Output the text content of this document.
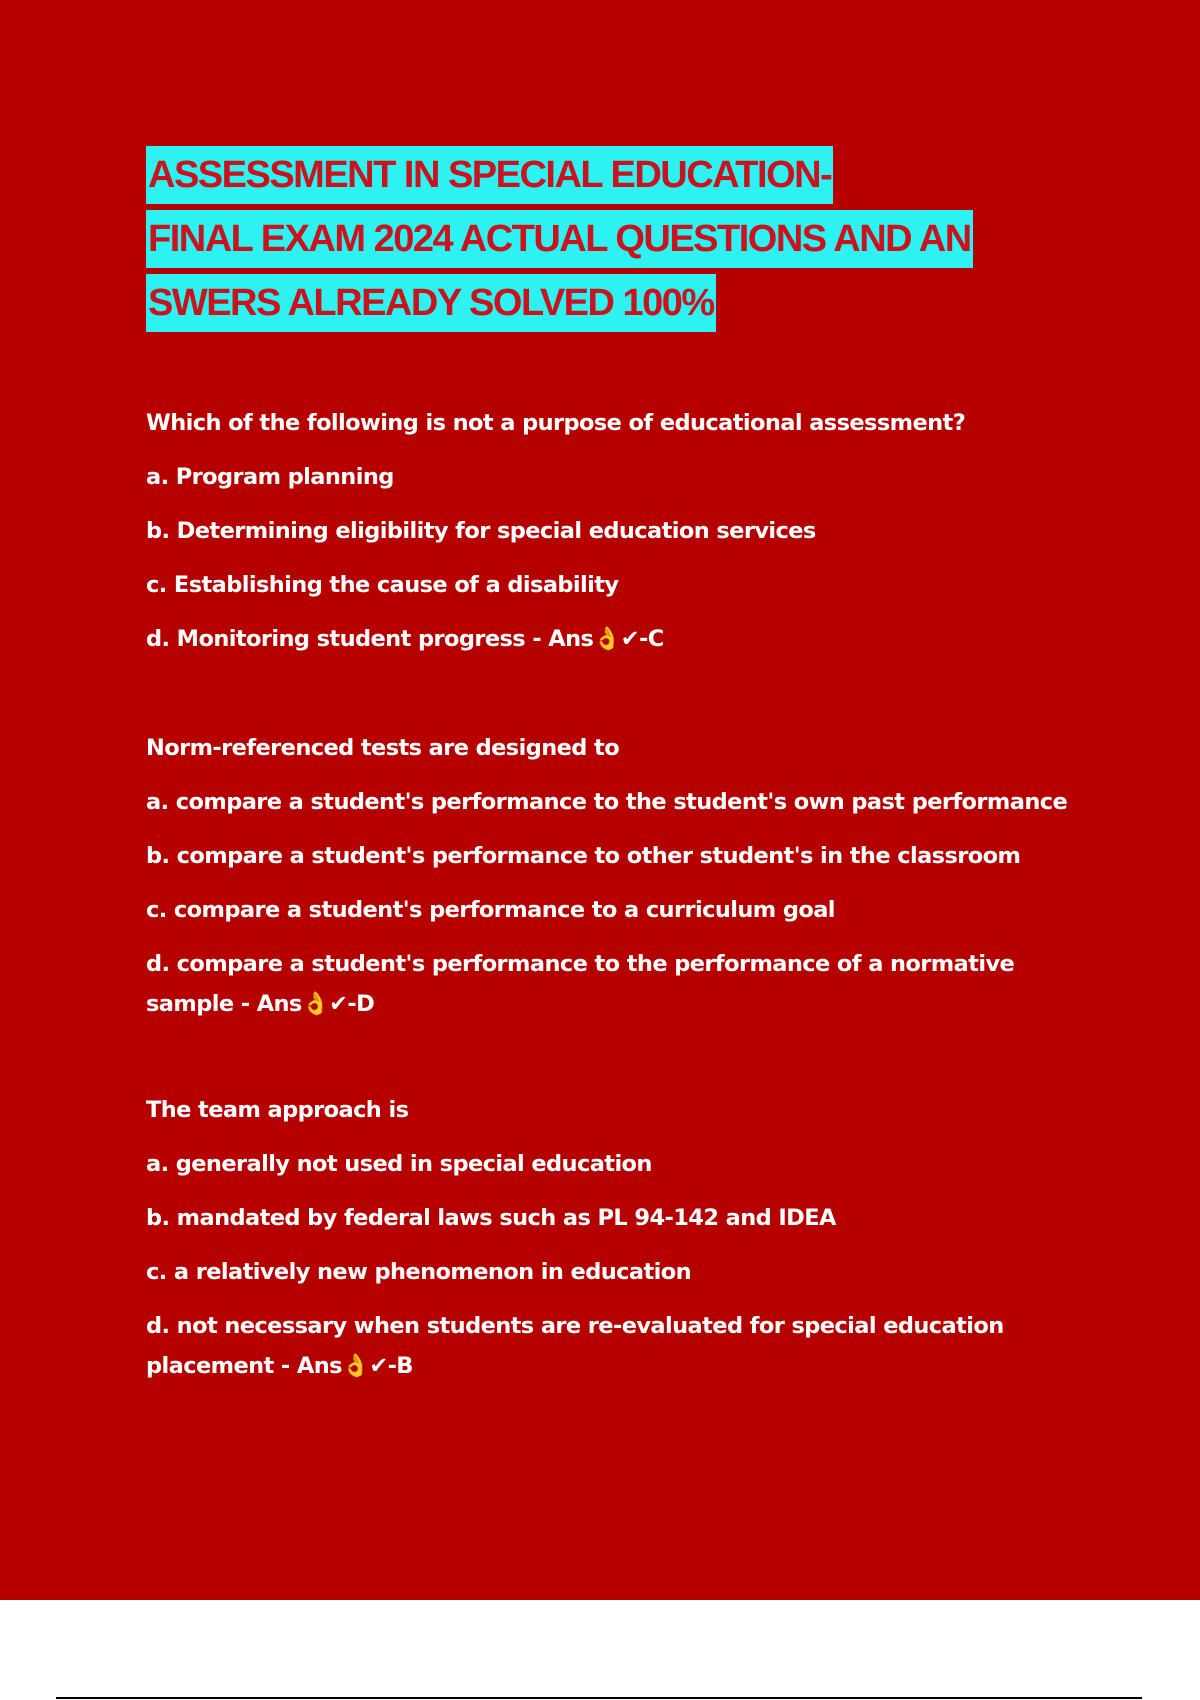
ASSESSMENT IN SPECIAL EDUCATION-
FINAL EXAM 2024 ACTUAL QUESTIONS AND AN
SWERS ALREADY SOLVED 100%
Which of the following is not a purpose of educational assessment?
a. Program planning
b. Determining eligibility for special education services
c. Establishing the cause of a disability
d. Monitoring student progress - Ans👌✔-C
Norm-referenced tests are designed to
a. compare a student's performance to the student's own past performance
b. compare a student's performance to other student's in the classroom
c. compare a student's performance to a curriculum goal
d. compare a student's performance to the performance of a normative sample - Ans👌✔-D
The team approach is
a. generally not used in special education
b. mandated by federal laws such as PL 94-142 and IDEA
c. a relatively new phenomenon in education
d. not necessary when students are re-evaluated for special education placement - Ans👌✔-B
